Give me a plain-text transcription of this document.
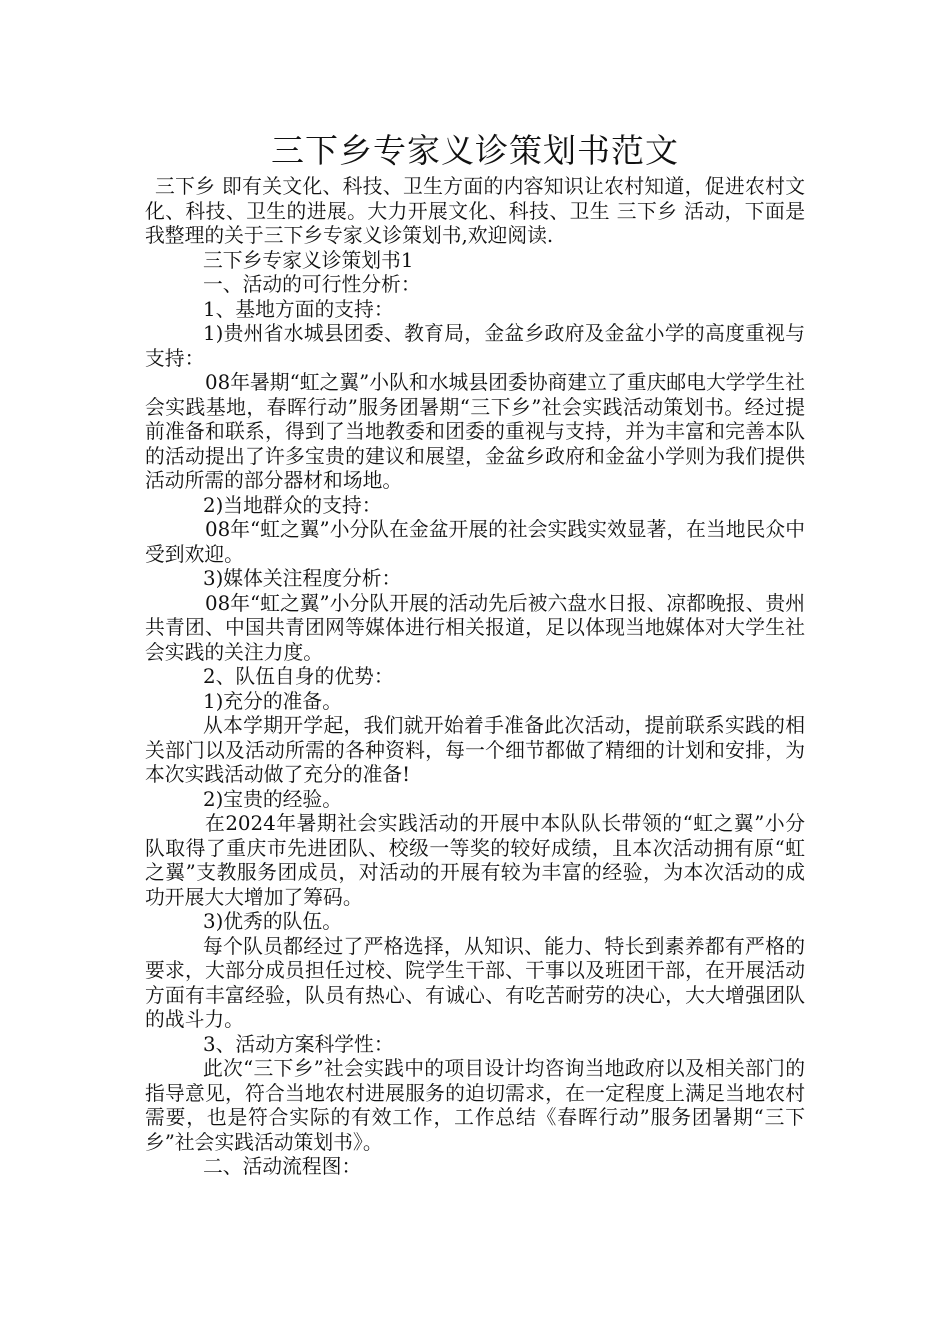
三下乡专家义诊策划书范文

三下乡 即有关文化、科技、卫生方面的内容知识让农村知道，促进农村文化、科技、卫生的进展。大力开展文化、科技、卫生 三下乡 活动，下面是我整理的关于三下乡专家义诊策划书,欢迎阅读.

三下乡专家义诊策划书1

一、活动的可行性分析：

1、基地方面的支持：

1)贵州省水城县团委、教育局，金盆乡政府及金盆小学的高度重视与支持：

08年暑期“虹之翼”小队和水城县团委协商建立了重庆邮电大学学生社会实践基地，春晖行动”服务团暑期“三下乡”社会实践活动策划书。经过提前准备和联系，得到了当地教委和团委的重视与支持，并为丰富和完善本队的活动提出了许多宝贵的建议和展望，金盆乡政府和金盆小学则为我们提供活动所需的部分器材和场地。

2)当地群众的支持：

08年“虹之翼”小分队在金盆开展的社会实践实效显著，在当地民众中受到欢迎。

3)媒体关注程度分析：

08年“虹之翼”小分队开展的活动先后被六盘水日报、凉都晚报、贵州共青团、中国共青团网等媒体进行相关报道，足以体现当地媒体对大学生社会实践的关注力度。

2、队伍自身的优势：

1)充分的准备。

从本学期开学起，我们就开始着手准备此次活动，提前联系实践的相关部门以及活动所需的各种资料，每一个细节都做了精细的计划和安排，为本次实践活动做了充分的准备!

2)宝贵的经验。

在2024年暑期社会实践活动的开展中本队队长带领的“虹之翼”小分队取得了重庆市先进团队、校级一等奖的较好成绩，且本次活动拥有原“虹之翼”支教服务团成员，对活动的开展有较为丰富的经验，为本次活动的成功开展大大增加了筹码。

3)优秀的队伍。

每个队员都经过了严格选择，从知识、能力、特长到素养都有严格的要求，大部分成员担任过校、院学生干部、干事以及班团干部，在开展活动方面有丰富经验，队员有热心、有诚心、有吃苦耐劳的决心，大大增强团队的战斗力。

3、活动方案科学性：

此次“三下乡”社会实践中的项目设计均咨询当地政府以及相关部门的指导意见，符合当地农村进展服务的迫切需求，在一定程度上满足当地农村需要，也是符合实际的有效工作，工作总结《春晖行动”服务团暑期“三下乡”社会实践活动策划书》。

二、活动流程图：
